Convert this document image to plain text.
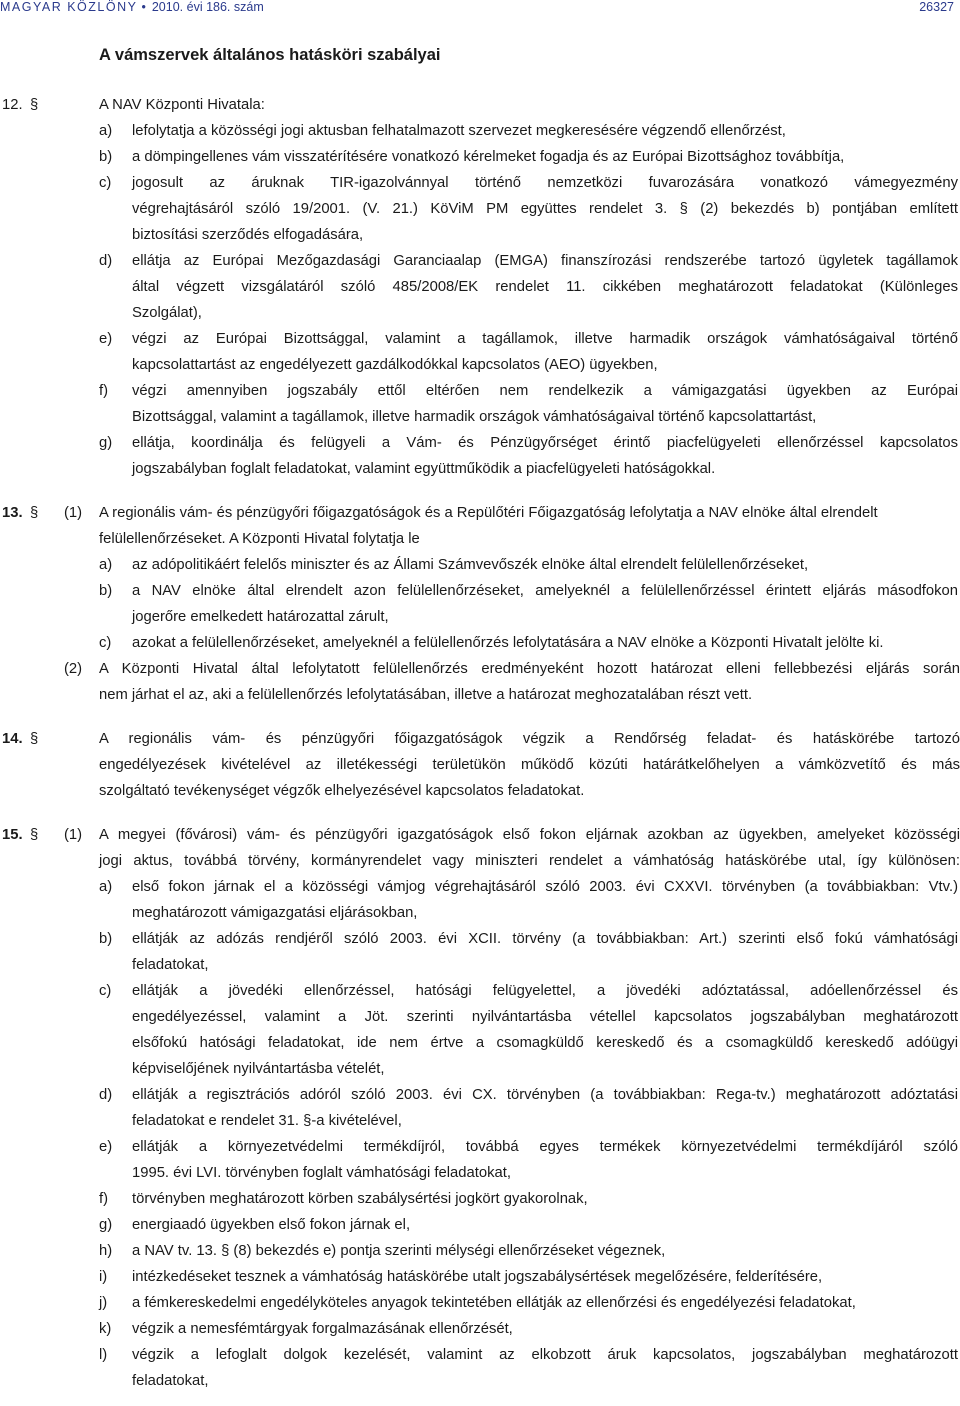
MAGYAR KÖZLÖNY • 2010. évi 186. szám	26327
A vámszervek általános hatásköri szabályai
12. §	A NAV Központi Hivatala:
a) lefolytatja a közösségi jogi aktusban felhatalmazott szervezet megkeresésére végzendő ellenőrzést,
b) a dömpingellenes vám visszatérítésére vonatkozó kérelmeket fogadja és az Európai Bizottsághoz továbbítja,
c) jogosult az áruknak TIR-igazolvánnyal történő nemzetközi fuvarozására vonatkozó vámegyezmény
végrehajtásáról szóló 19/2001. (V. 21.) KöViM PM együttes rendelet 3. § (2) bekezdés b) pontjában említett
biztosítási szerződés elfogadására,
d) ellátja az Európai Mezőgazdasági Garanciaalap (EMGA) finanszírozási rendszerébe tartozó ügyletek tagállamok
által végzett vizsgálatáról szóló 485/2008/EK rendelet 11. cikkében meghatározott feladatokat (Különleges
Szolgálat),
e) végzi az Európai Bizottsággal, valamint a tagállamok, illetve harmadik országok vámhatóságaival történő
kapcsolattartást az engedélyezett gazdálkodókkal kapcsolatos (AEO) ügyekben,
f) végzi amennyiben jogszabály ettől eltérően nem rendelkezik a vámigazgatási ügyekben az Európai
Bizottsággal, valamint a tagállamok, illetve harmadik országok vámhatóságaival történő kapcsolattartást,
g) ellátja, koordinálja és felügyeli a Vám- és Pénzügyőrséget érintő piacfelügyeleti ellenőrzéssel kapcsolatos
jogszabályban foglalt feladatokat, valamint együttműködik a piacfelügyeleti hatóságokkal.
13. § (1) A regionális vám- és pénzügyőri főigazgatóságok és a Repülőtéri Főigazgatóság lefolytatja a NAV elnöke által elrendelt
felülellenőrzéseket. A Központi Hivatal folytatja le
a) az adópolitikáért felelős miniszter és az Állami Számvevőszék elnöke által elrendelt felülellenőrzéseket,
b) a NAV elnöke által elrendelt azon felülellenőrzéseket, amelyeknél a felülellenőrzéssel érintett eljárás másodfokon
jogerőre emelkedett határozattal zárult,
c) azokat a felülellenőrzéseket, amelyeknél a felülellenőrzés lefolytatására a NAV elnöke a Központi Hivatalt jelölte ki.
(2) A Központi Hivatal által lefolytatott felülellenőrzés eredményeként hozott határozat elleni fellebbezési eljárás során
nem járhat el az, aki a felülellenőrzés lefolytatásában, illetve a határozat meghozatalában részt vett.
14. §	A regionális vám- és pénzügyőri főigazgatóságok végzik a Rendőrség feladat- és hatáskörébe tartozó
engedélyezések kivételével az illetékességi területükön működő közúti határátkelőhelyen a vámközvetítő és más
szolgáltató tevékenységet végzők elhelyezésével kapcsolatos feladatokat.
15. § (1) A megyei (fővárosi) vám- és pénzügyőri igazgatóságok első fokon eljárnak azokban az ügyekben, amelyeket közösségi
jogi aktus, továbbá törvény, kormányrendelet vagy miniszteri rendelet a vámhatóság hatáskörébe utal, így különösen:
a) első fokon járnak el a közösségi vámjog végrehajtásáról szóló 2003. évi CXXVI. törvényben (a továbbiakban: Vtv.)
meghatározott vámigazgatási eljárásokban,
b) ellátják az adózás rendjéről szóló 2003. évi XCII. törvény (a továbbiakban: Art.) szerinti első fokú vámhatósági
feladatokat,
c) ellátják a jövedéki ellenőrzéssel, hatósági felügyelettel, a jövedéki adóztatással, adóellenőrzéssel és
engedélyezéssel, valamint a Jöt. szerinti nyilvántartásba vétellel kapcsolatos jogszabályban meghatározott
elsőfokú hatósági feladatokat, ide nem értve a csomagküldő kereskedő és a csomagküldő kereskedő adóügyi
képviselőjének nyilvántartásba vételét,
d) ellátják a regisztrációs adóról szóló 2003. évi CX. törvényben (a továbbiakban: Rega-tv.) meghatározott adóztatási
feladatokat e rendelet 31. §-a kivételével,
e) ellátják a környezetvédelmi termékdíjról, továbbá egyes termékek környezetvédelmi termékdíjáról szóló
1995. évi LVI. törvényben foglalt vámhatósági feladatokat,
f) törvényben meghatározott körben szabálysértési jogkört gyakorolnak,
g) energiaadó ügyekben első fokon járnak el,
h) a NAV tv. 13. § (8) bekezdés e) pontja szerinti mélységi ellenőrzéseket végeznek,
i) intézkedéseket tesznek a vámhatóság hatáskörébe utalt jogszabálysértések megelőzésére, felderítésére,
j) a fémkereskedelmi engedélyköteles anyagok tekintetében ellátják az ellenőrzési és engedélyezési feladatokat,
k) végzik a nemesfémtárgyak forgalmazásának ellenőrzését,
l) végzik a lefoglalt dolgok kezelését, valamint az elkobzott áruk kapcsolatos, jogszabályban meghatározott
feladatokat,
